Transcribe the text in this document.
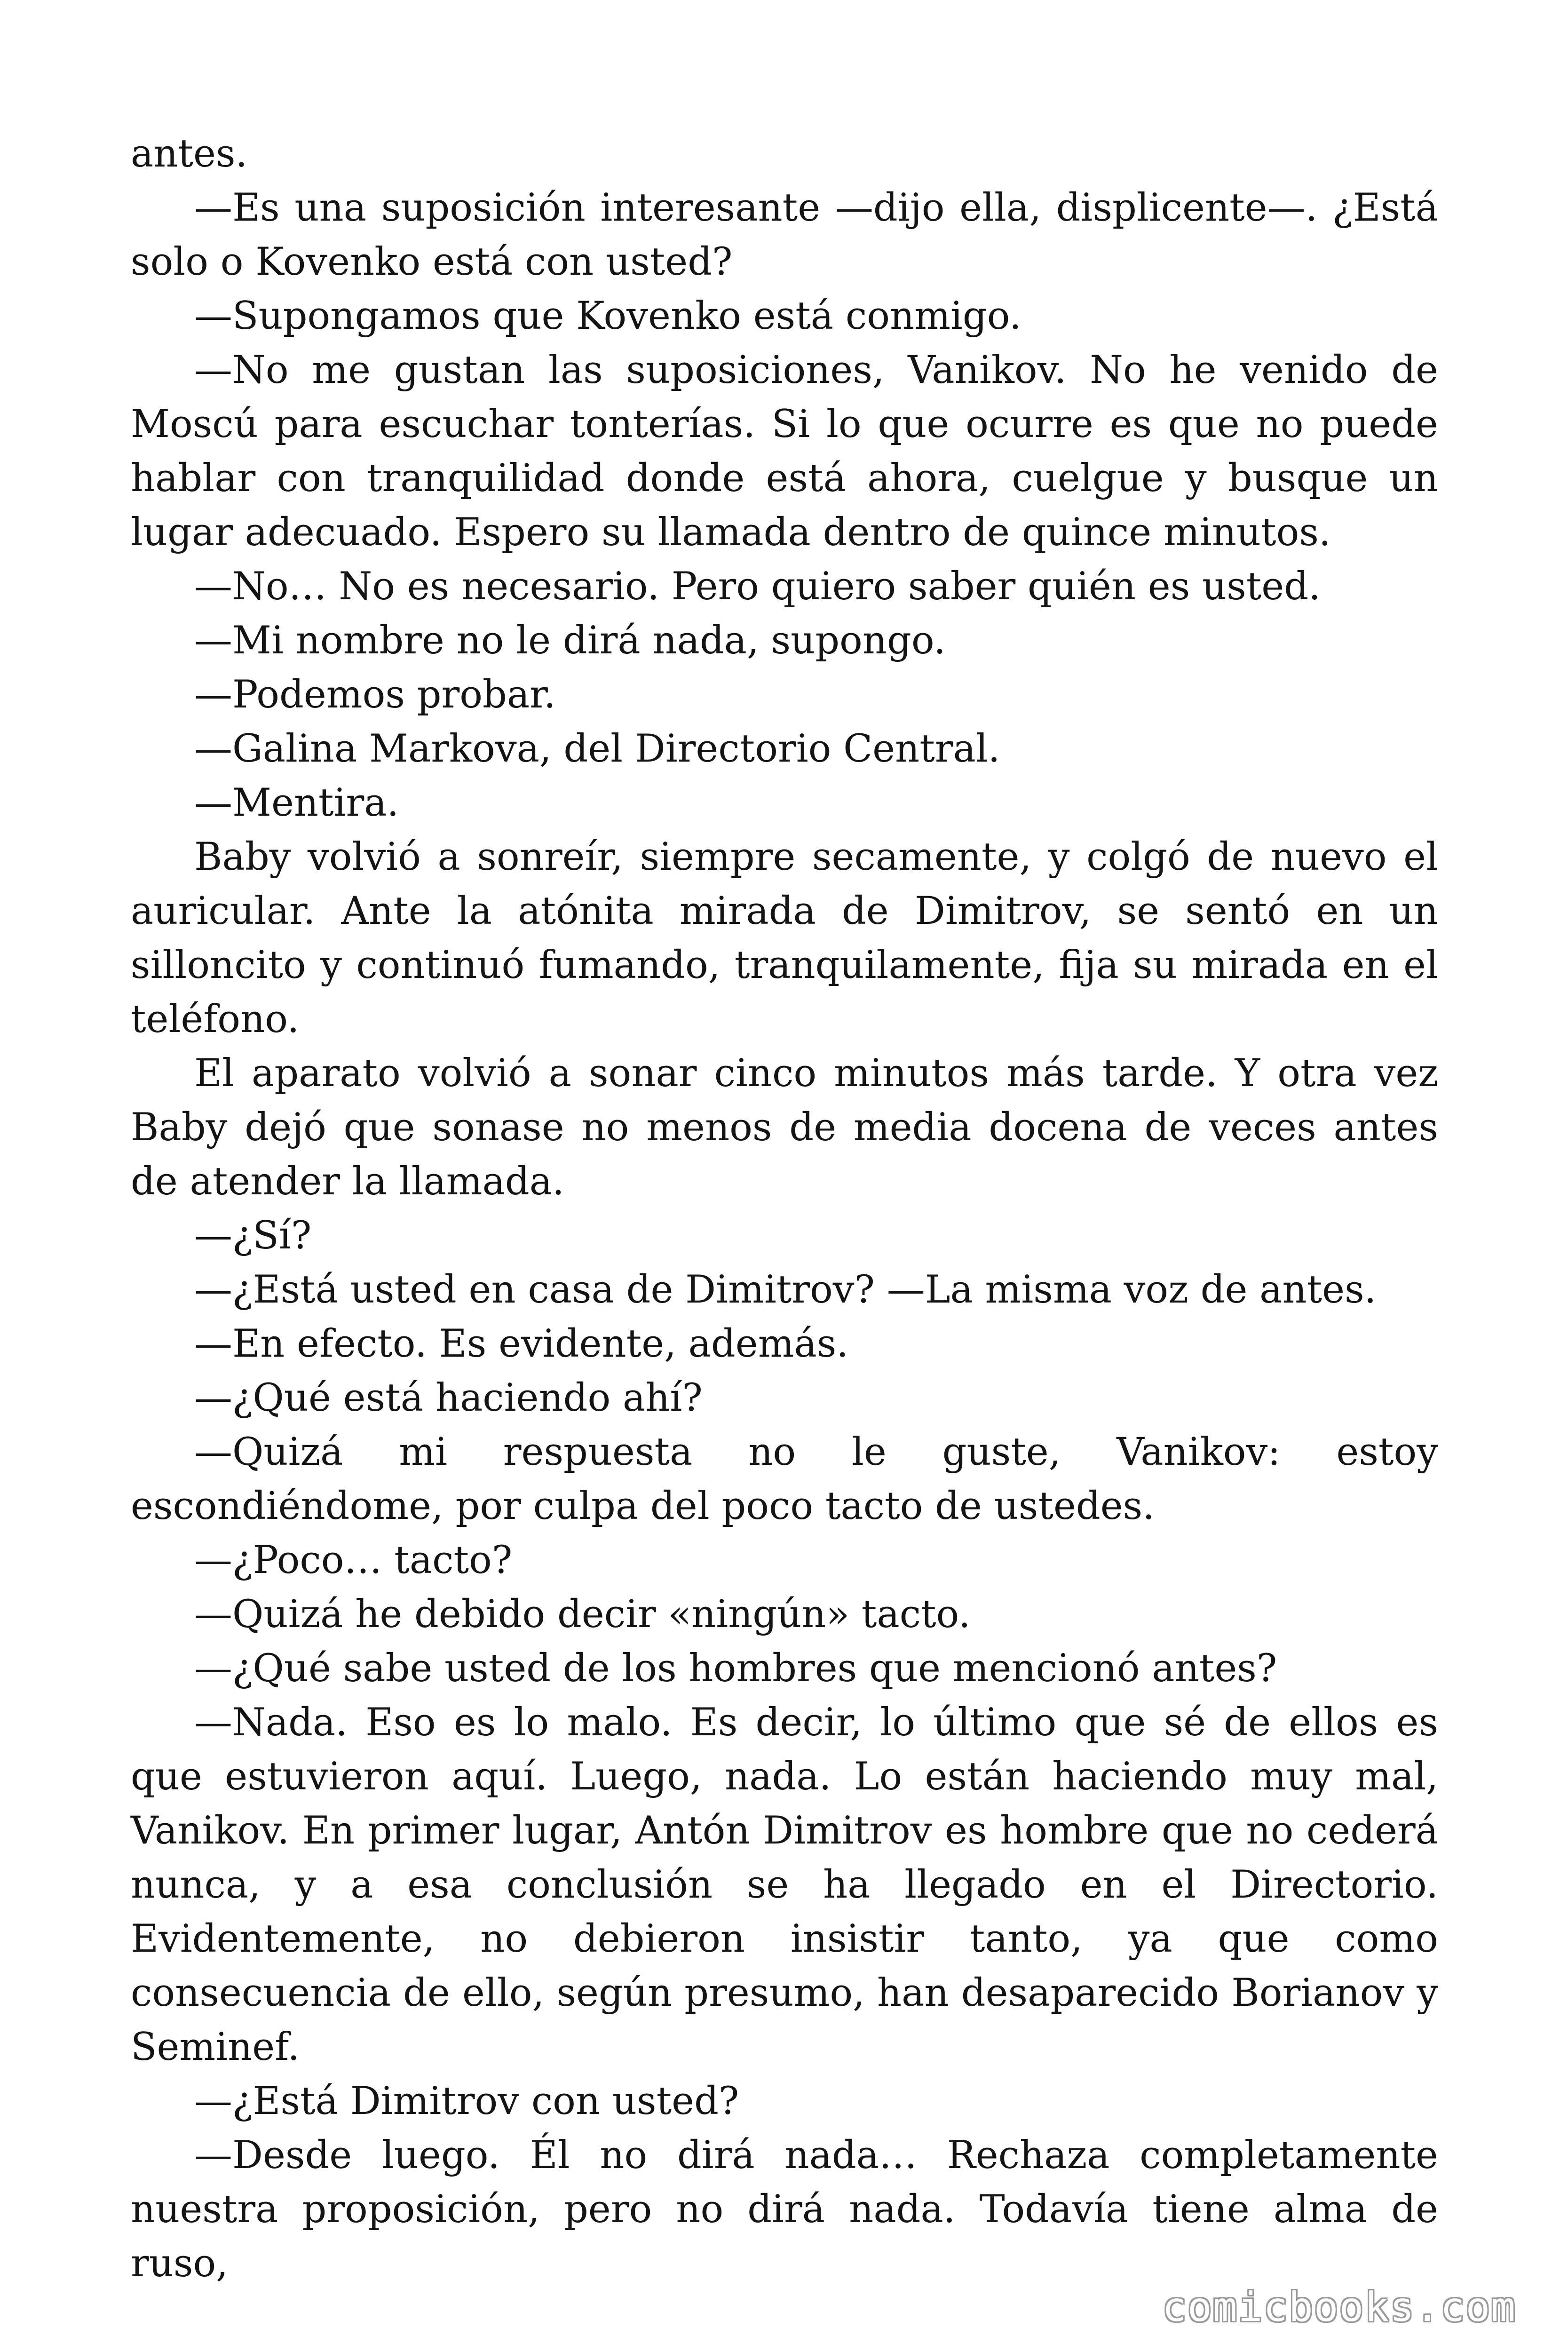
antes.

—Es una suposición interesante —dijo ella, displicente—. ¿Está solo o Kovenko está con usted?

—Supongamos que Kovenko está conmigo.

—No me gustan las suposiciones, Vanikov. No he venido de Moscú para escuchar tonterías. Si lo que ocurre es que no puede hablar con tranquilidad donde está ahora, cuelgue y busque un lugar adecuado. Espero su llamada dentro de quince minutos.

—No… No es necesario. Pero quiero saber quién es usted.

—Mi nombre no le dirá nada, supongo.

—Podemos probar.

—Galina Markova, del Directorio Central.

—Mentira.

Baby volvió a sonreír, siempre secamente, y colgó de nuevo el auricular. Ante la atónita mirada de Dimitrov, se sentó en un silloncito y continuó fumando, tranquilamente, fija su mirada en el teléfono.

El aparato volvió a sonar cinco minutos más tarde. Y otra vez Baby dejó que sonase no menos de media docena de veces antes de atender la llamada.

—¿Sí?

—¿Está usted en casa de Dimitrov? —La misma voz de antes.

—En efecto. Es evidente, además.

—¿Qué está haciendo ahí?

—Quizá mi respuesta no le guste, Vanikov: estoy escondiéndome, por culpa del poco tacto de ustedes.

—¿Poco… tacto?

—Quizá he debido decir «ningún» tacto.

—¿Qué sabe usted de los hombres que mencionó antes?

—Nada. Eso es lo malo. Es decir, lo último que sé de ellos es que estuvieron aquí. Luego, nada. Lo están haciendo muy mal, Vanikov. En primer lugar, Antón Dimitrov es hombre que no cederá nunca, y a esa conclusión se ha llegado en el Directorio. Evidentemente, no debieron insistir tanto, ya que como consecuencia de ello, según presumo, han desaparecido Borianov y Seminef.

—¿Está Dimitrov con usted?

—Desde luego. Él no dirá nada… Rechaza completamente nuestra proposición, pero no dirá nada. Todavía tiene alma de ruso,

comicbooks.com
